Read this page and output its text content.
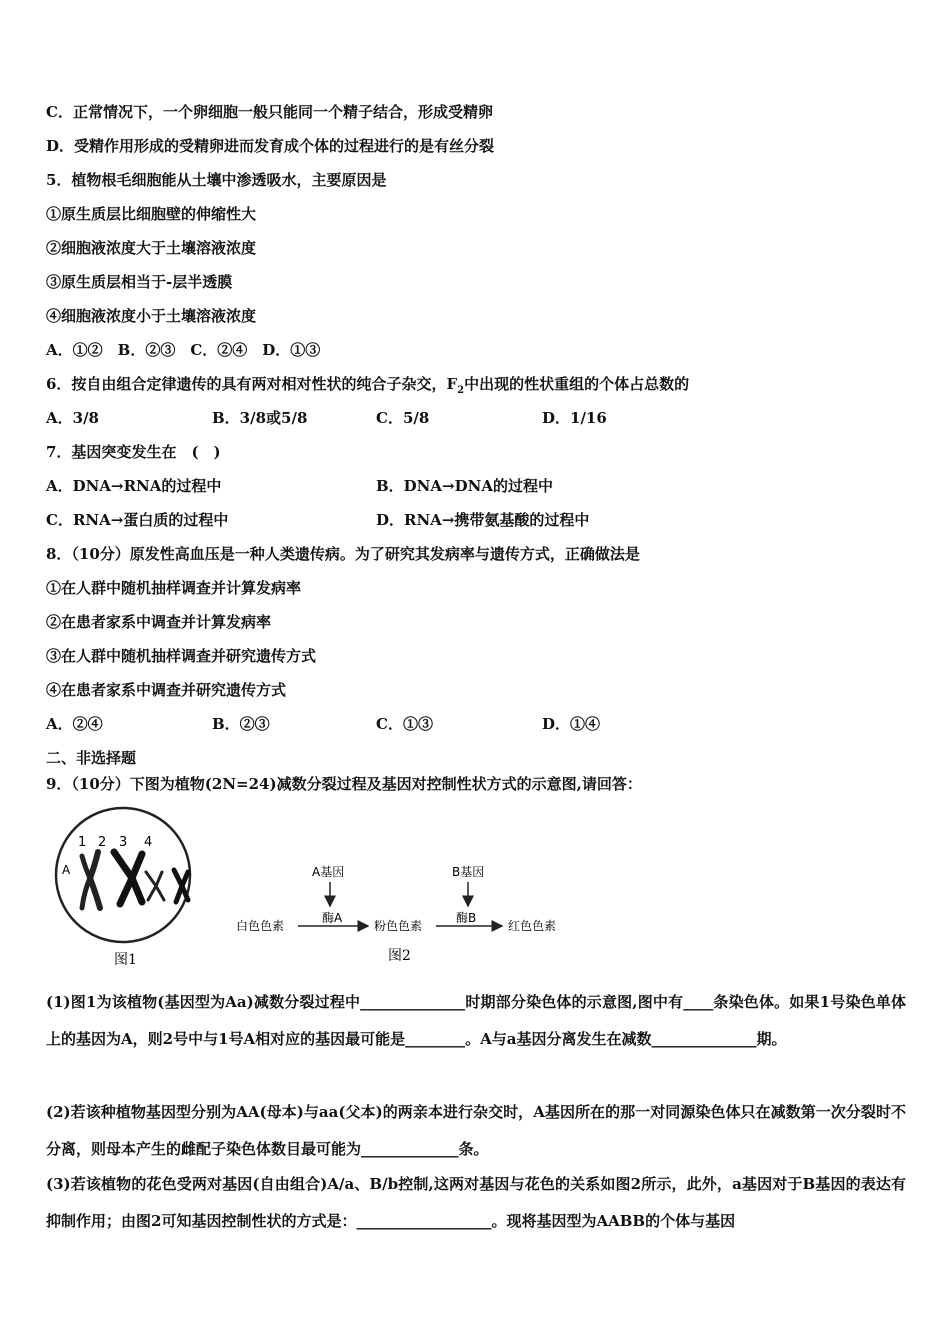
C．正常情况下，一个卵细胞一般只能同一个精子结合，形成受精卵
D．受精作用形成的受精卵进而发育成个体的过程进行的是有丝分裂
5．植物根毛细胞能从土壤中渗透吸水，主要原因是
①原生质层比细胞壁的伸缩性大
②细胞液浓度大于土壤溶液浓度
③原生质层相当于-层半透膜
④细胞液浓度小于土壤溶液浓度
A．①②　B．②③　C．②④　D．①③
6．按自由组合定律遗传的具有两对相对性状的纯合子杂交，$F_2$中出现的性状重组的个体占总数的
A．3/8	B．3/8或5/8	C．5/8	D．1/16
7．基因突变发生在　(　)
A．DNA→RNA的过程中	B．DNA→DNA的过程中
C．RNA→蛋白质的过程中	D．RNA→携带氨基酸的过程中
8．（10分）原发性高血压是一种人类遗传病。为了研究其发病率与遗传方式，正确做法是
①在人群中随机抽样调查并计算发病率
②在患者家系中调查并计算发病率
③在人群中随机抽样调查并研究遗传方式
④在患者家系中调查并研究遗传方式
A．②④	B．②③	C．①③	D．①④
二、非选择题
9．（10分）下图为植物(2N=24)减数分裂过程及基因对控制性状方式的示意图,请回答：
1 2 3 4
A
图1
白色色素	粉色色素	红色色素
A基因
酶A
B基因
酶B
图2
(1)图1为该植物(基因型为Aa)减数分裂过程中______________时期部分染色体的示意图,图中有____条染色体。如果1号染色单体上的基因为A，则2号中与1号A相对应的基因最可能是________。A与a基因分离发生在减数______________期。
(2)若该种植物基因型分别为AA(母本)与aa(父本)的两亲本进行杂交时，A基因所在的那一对同源染色体只在减数第一次分裂时不分离，则母本产生的雌配子染色体数目最可能为_____________条。
(3)若该植物的花色受两对基因(自由组合)A/a、B/b控制,这两对基因与花色的关系如图2所示，此外，a基因对于B基因的表达有抑制作用；由图2可知基因控制性状的方式是：__________________。现将基因型为AABB的个体与基因
